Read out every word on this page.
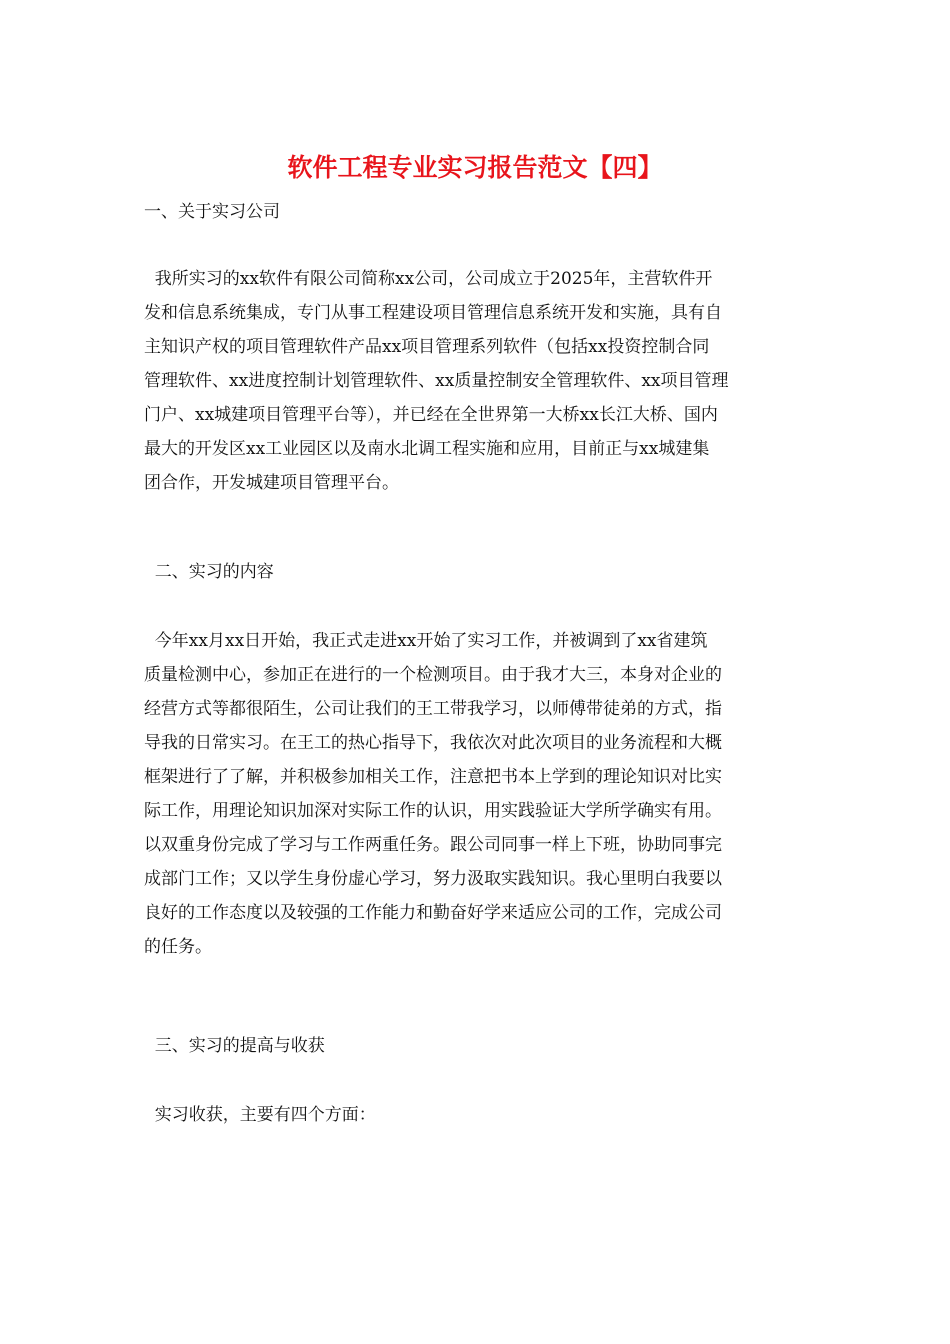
软件工程专业实习报告范文【四】
一、关于实习公司
我所实习的xx软件有限公司简称xx公司，公司成立于2025年，主营软件开
发和信息系统集成，专门从事工程建设项目管理信息系统开发和实施，具有自
主知识产权的项目管理软件产品xx项目管理系列软件（包括xx投资控制合同
管理软件、xx进度控制计划管理软件、xx质量控制安全管理软件、xx项目管理
门户、xx城建项目管理平台等），并已经在全世界第一大桥xx长江大桥、国内
最大的开发区xx工业园区以及南水北调工程实施和应用，目前正与xx城建集
团合作，开发城建项目管理平台。
二、实习的内容
今年xx月xx日开始，我正式走进xx开始了实习工作，并被调到了xx省建筑
质量检测中心，参加正在进行的一个检测项目。由于我才大三，本身对企业的
经营方式等都很陌生，公司让我们的王工带我学习，以师傅带徒弟的方式，指
导我的日常实习。在王工的热心指导下，我依次对此次项目的业务流程和大概
框架进行了了解，并积极参加相关工作，注意把书本上学到的理论知识对比实
际工作，用理论知识加深对实际工作的认识，用实践验证大学所学确实有用。
以双重身份完成了学习与工作两重任务。跟公司同事一样上下班，协助同事完
成部门工作；又以学生身份虚心学习，努力汲取实践知识。我心里明白我要以
良好的工作态度以及较强的工作能力和勤奋好学来适应公司的工作，完成公司
的任务。
三、实习的提高与收获
实习收获，主要有四个方面：
